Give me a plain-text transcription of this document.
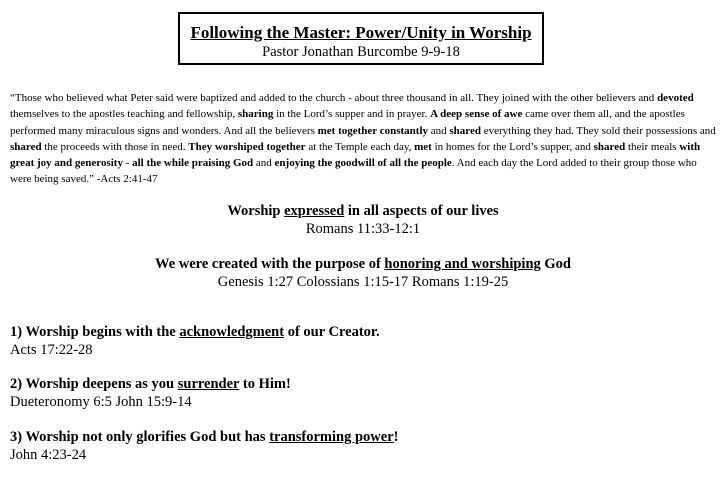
Following the Master: Power/Unity in Worship
Pastor Jonathan Burcombe 9-9-18
“Those who believed what Peter said were baptized and added to the church - about three thousand in all. They joined with the other believers and devoted themselves to the apostles teaching and fellowship, sharing in the Lord’s supper and in prayer. A deep sense of awe came over them all, and the apostles performed many miraculous signs and wonders. And all the believers met together constantly and shared everything they had. They sold their possessions and shared the proceeds with those in need. They worshiped together at the Temple each day, met in homes for the Lord’s supper, and shared their meals with great joy and generosity - all the while praising God and enjoying the goodwill of all the people. And each day the Lord added to their group those who were being saved.” -Acts 2:41-47
Worship expressed in all aspects of our lives
Romans 11:33-12:1
We were created with the purpose of honoring and worshiping God
Genesis 1:27 Colossians 1:15-17 Romans 1:19-25
1) Worship begins with the acknowledgment of our Creator.
Acts 17:22-28
2) Worship deepens as you surrender to Him!
Dueteronomy 6:5 John 15:9-14
3) Worship not only glorifies God but has transforming power!
John 4:23-24
